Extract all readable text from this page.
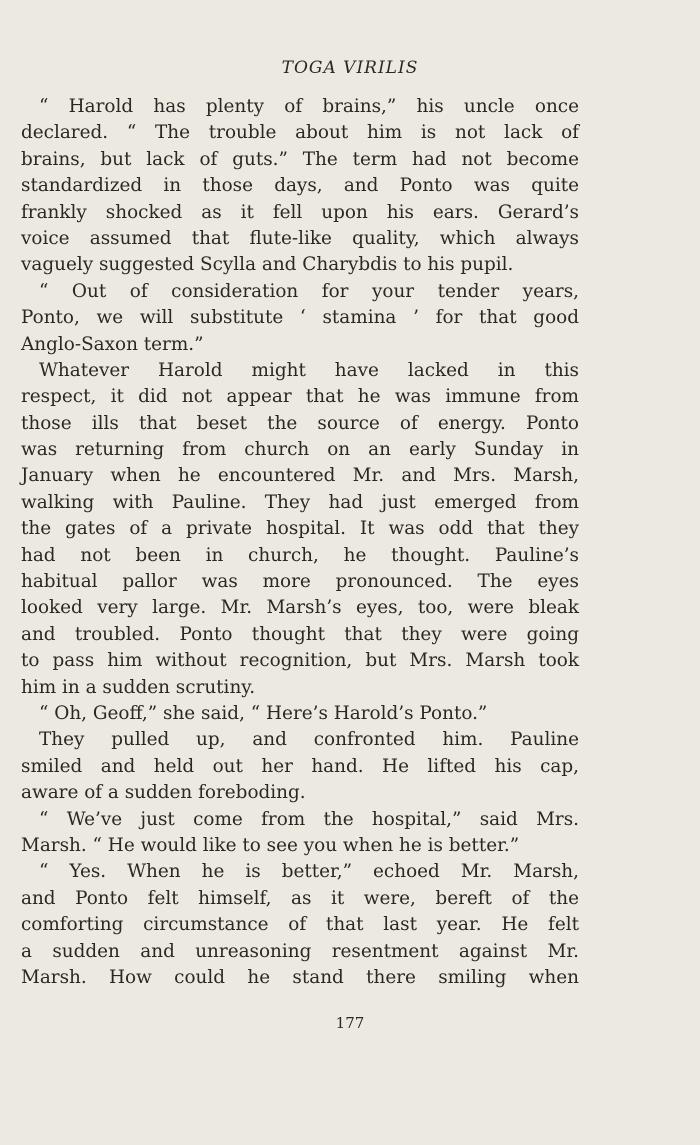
TOGA VIRILIS
“ Harold has plenty of brains,” his uncle once
declared. “ The trouble about him is not lack of
brains, but lack of guts.” The term had not become
standardized in those days, and Ponto was quite
frankly shocked as it fell upon his ears. Gerard’s
voice assumed that flute-like quality, which always
vaguely suggested Scylla and Charybdis to his pupil.
“ Out of consideration for your tender years,
Ponto, we will substitute ‘ stamina ’ for that good
Anglo-Saxon term.”
Whatever Harold might have lacked in this
respect, it did not appear that he was immune from
those ills that beset the source of energy. Ponto
was returning from church on an early Sunday in
January when he encountered Mr. and Mrs. Marsh,
walking with Pauline. They had just emerged from
the gates of a private hospital. It was odd that they
had not been in church, he thought. Pauline’s
habitual pallor was more pronounced. The eyes
looked very large. Mr. Marsh’s eyes, too, were bleak
and troubled. Ponto thought that they were going
to pass him without recognition, but Mrs. Marsh took
him in a sudden scrutiny.
“ Oh, Geoff,” she said, “ Here’s Harold’s Ponto.”
They pulled up, and confronted him. Pauline
smiled and held out her hand. He lifted his cap,
aware of a sudden foreboding.
“ We’ve just come from the hospital,” said Mrs.
Marsh. “ He would like to see you when he is better.”
“ Yes. When he is better,” echoed Mr. Marsh,
and Ponto felt himself, as it were, bereft of the
comforting circumstance of that last year. He felt
a sudden and unreasoning resentment against Mr.
Marsh. How could he stand there smiling when
177
